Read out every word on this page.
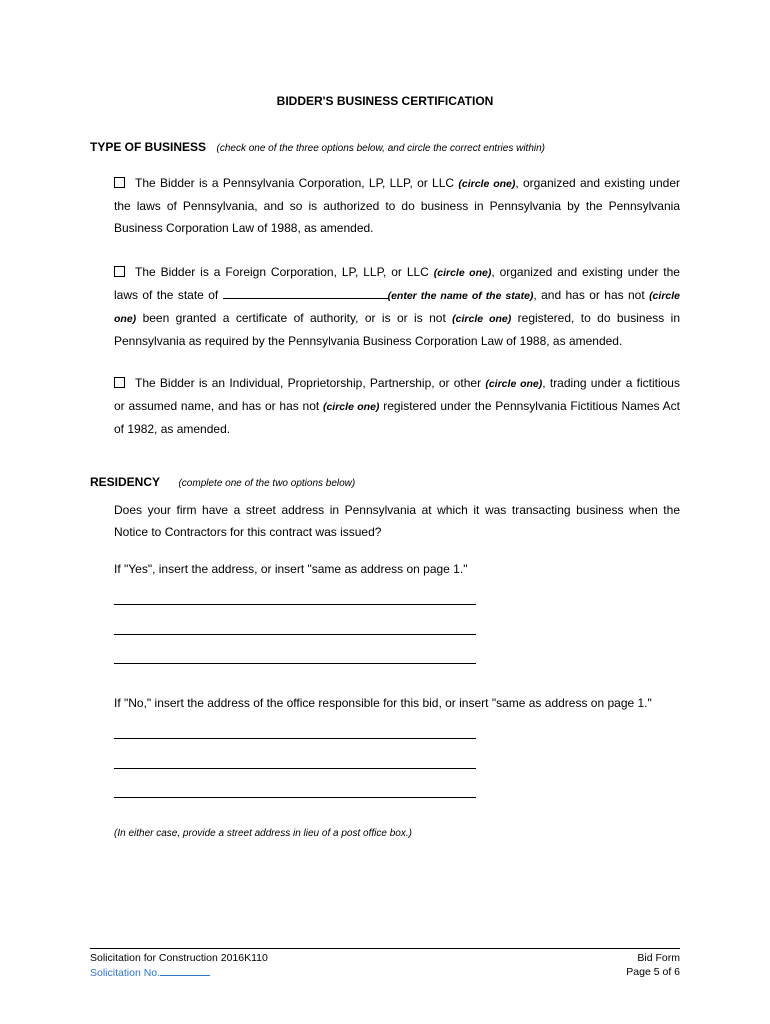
BIDDER'S BUSINESS CERTIFICATION
TYPE OF BUSINESS (check one of the three options below, and circle the correct entries within)
The Bidder is a Pennsylvania Corporation, LP, LLP, or LLC (circle one), organized and existing under the laws of Pennsylvania, and so is authorized to do business in Pennsylvania by the Pennsylvania Business Corporation Law of 1988, as amended.
The Bidder is a Foreign Corporation, LP, LLP, or LLC (circle one), organized and existing under the laws of the state of	(enter the name of the state), and has or has not (circle one) been granted a certificate of authority, or is or is not (circle one) registered, to do business in Pennsylvania as required by the Pennsylvania Business Corporation Law of 1988, as amended.
The Bidder is an Individual, Proprietorship, Partnership, or other (circle one), trading under a fictitious or assumed name, and has or has not (circle one) registered under the Pennsylvania Fictitious Names Act of 1982, as amended.
RESIDENCY (complete one of the two options below)
Does your firm have a street address in Pennsylvania at which it was transacting business when the Notice to Contractors for this contract was issued?
If "Yes", insert the address, or insert "same as address on page 1."
If "No," insert the address of the office responsible for this bid, or insert "same as address on page 1."
(In either case, provide a street address in lieu of a post office box.)
Solicitation for Construction 2016K110
Solicitation No.
Bid Form
Page 5 of 6
